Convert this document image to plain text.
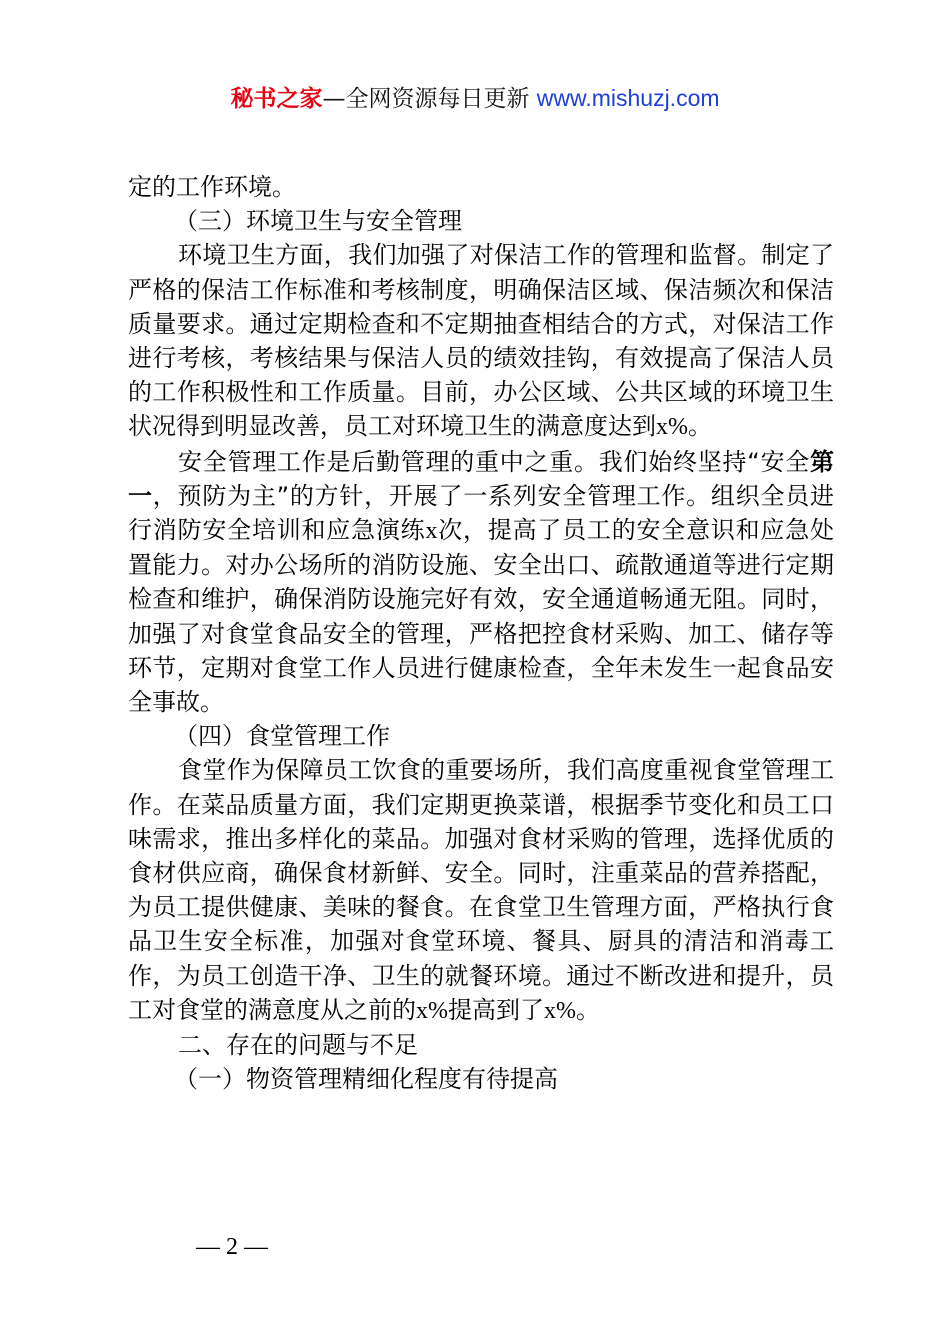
秘书之家—全网资源每日更新 www.mishuzj.com

定的工作环境。

（三）环境卫生与安全管理

环境卫生方面，我们加强了对保洁工作的管理和监督。制定了严格的保洁工作标准和考核制度，明确保洁区域、保洁频次和保洁质量要求。通过定期检查和不定期抽查相结合的方式，对保洁工作进行考核，考核结果与保洁人员的绩效挂钩，有效提高了保洁人员的工作积极性和工作质量。目前，办公区域、公共区域的环境卫生状况得到明显改善，员工对环境卫生的满意度达到x%。

安全管理工作是后勤管理的重中之重。我们始终坚持“安全第一，预防为主”的方针，开展了一系列安全管理工作。组织全员进行消防安全培训和应急演练x次，提高了员工的安全意识和应急处置能力。对办公场所的消防设施、安全出口、疏散通道等进行定期检查和维护，确保消防设施完好有效，安全通道畅通无阻。同时，加强了对食堂食品安全的管理，严格把控食材采购、加工、储存等环节，定期对食堂工作人员进行健康检查，全年未发生一起食品安全事故。

（四）食堂管理工作

食堂作为保障员工饮食的重要场所，我们高度重视食堂管理工作。在菜品质量方面，我们定期更换菜谱，根据季节变化和员工口味需求，推出多样化的菜品。加强对食材采购的管理，选择优质的食材供应商，确保食材新鲜、安全。同时，注重菜品的营养搭配，为员工提供健康、美味的餐食。在食堂卫生管理方面，严格执行食品卫生安全标准，加强对食堂环境、餐具、厨具的清洁和消毒工作，为员工创造干净、卫生的就餐环境。通过不断改进和提升，员工对食堂的满意度从之前的x%提高到了x%。

二、存在的问题与不足

（一）物资管理精细化程度有待提高

— 2 —
